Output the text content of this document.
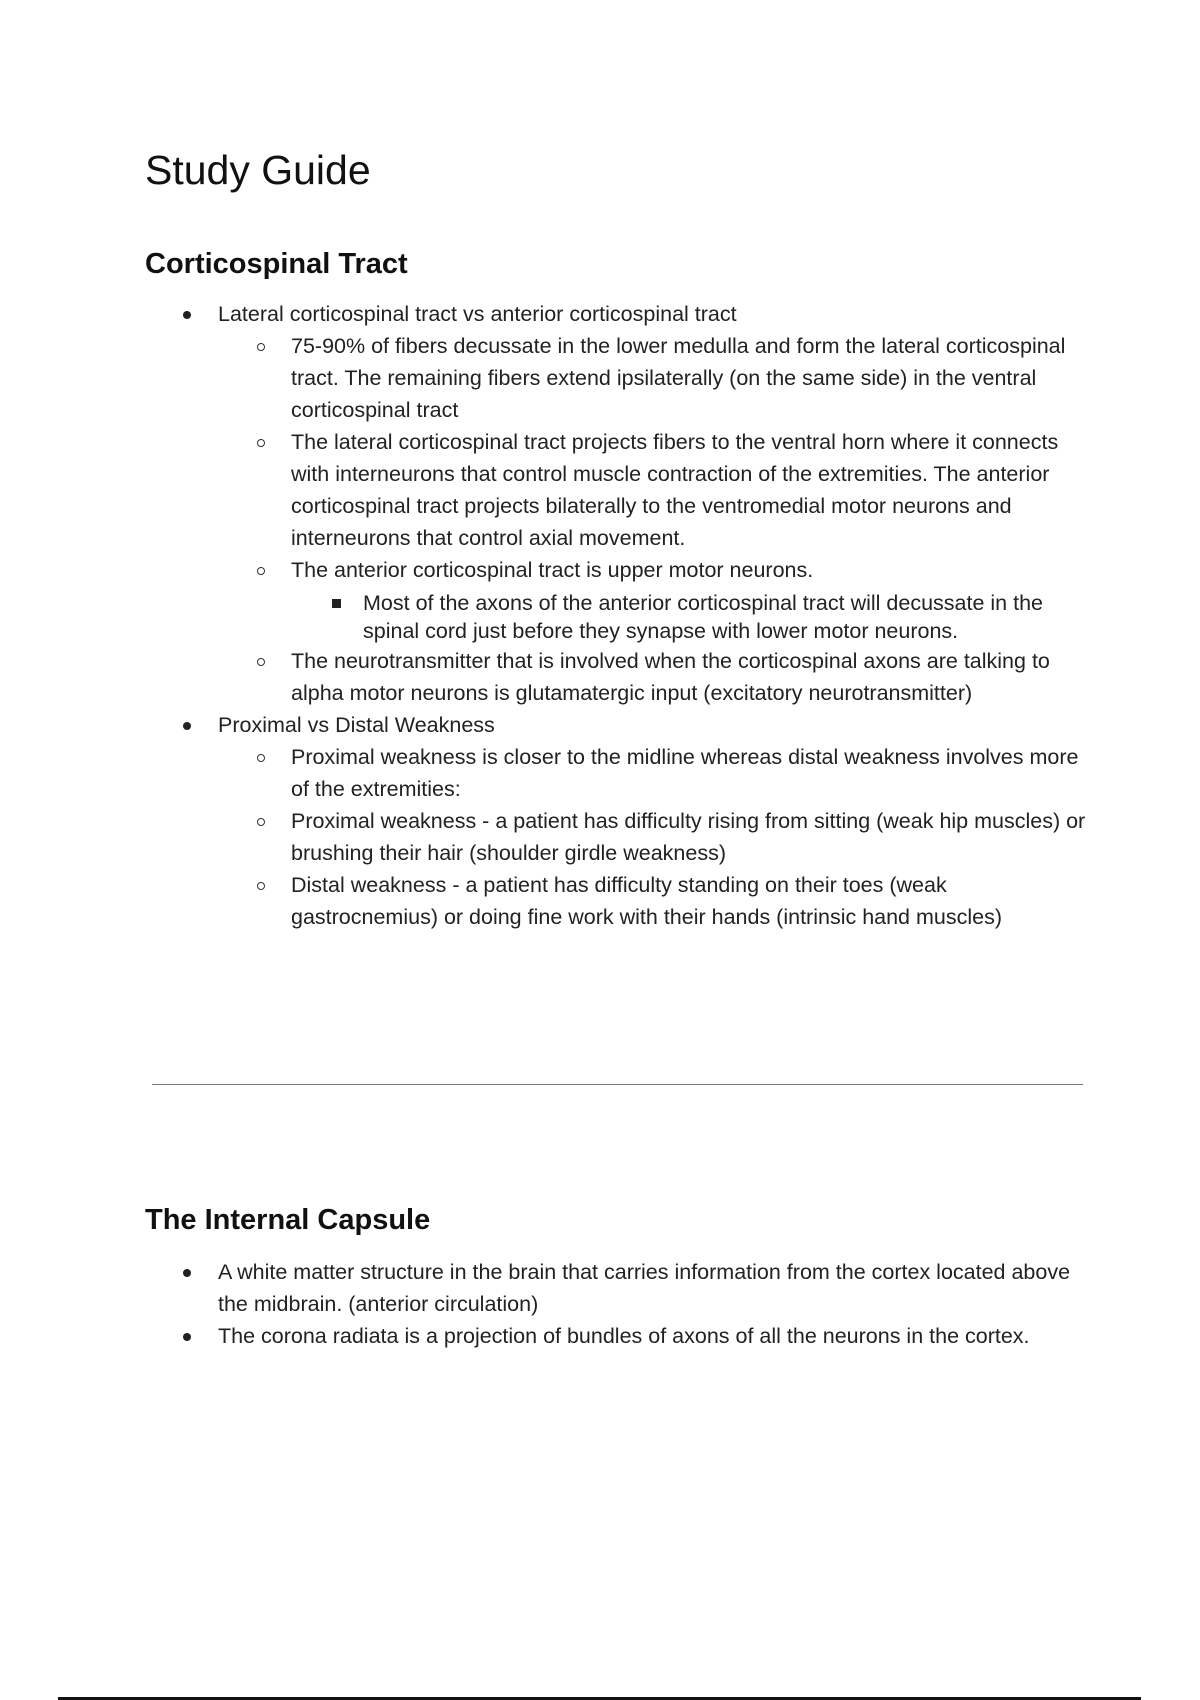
Study Guide
Corticospinal Tract
Lateral corticospinal tract vs anterior corticospinal tract
75-90% of fibers decussate in the lower medulla and form the lateral corticospinal tract. The remaining fibers extend ipsilaterally (on the same side) in the ventral corticospinal tract
The lateral corticospinal tract projects fibers to the ventral horn where it connects with interneurons that control muscle contraction of the extremities. The anterior corticospinal tract projects bilaterally to the ventromedial motor neurons and interneurons that control axial movement.
The anterior corticospinal tract is upper motor neurons.
Most of the axons of the anterior corticospinal tract will decussate in the spinal cord just before they synapse with lower motor neurons.
The neurotransmitter that is involved when the corticospinal axons are talking to alpha motor neurons is glutamatergic input (excitatory neurotransmitter)
Proximal vs Distal Weakness
Proximal weakness is closer to the midline whereas distal weakness involves more of the extremities:
Proximal weakness - a patient has difficulty rising from sitting (weak hip muscles) or brushing their hair (shoulder girdle weakness)
Distal weakness - a patient has difficulty standing on their toes (weak gastrocnemius) or doing fine work with their hands (intrinsic hand muscles)
The Internal Capsule
A white matter structure in the brain that carries information from the cortex located above the midbrain. (anterior circulation)
The corona radiata is a projection of bundles of axons of all the neurons in the cortex.
